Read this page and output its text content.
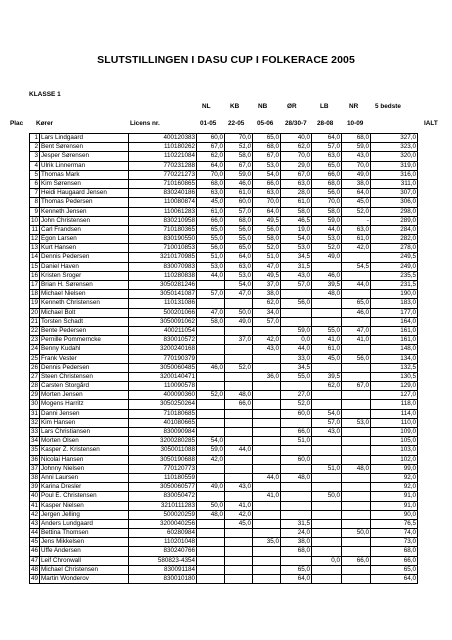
SLUTSTILLINGEN I DASU CUP I FOLKERACE 2005
KLASSE 1
NL	KB	NB	ØR	LB	NR	5 bedste
Plac Kører	Licens nr.	01-05 22-05 05-06 28/30-7 28-08 10-09	IALT
1	Lars Lindgaard	400120383	60,0	70,0	65,0	40,0	64,0	68,0	327,0
2	Bent Sørensen	110180262	67,0	51,0	68,0	62,0	57,0	59,0	323,0
3	Jesper Sørensen	110221084	62,0	58,0	67,0	70,0	63,0	43,0	320,0
4	Ulrik Linnerman	770231288	64,0	67,0	53,0	29,0	65,0	70,0	319,0
5	Thomas Mark	770221273	70,0	59,0	54,0	67,0	66,0	49,0	316,0
6	Kim Sørensen	710160865	68,0	46,0	66,0	63,0	68,0	38,0	311,0
7	Heidi Haugaard Jensen	830240186	63,0	61,0	63,0	28,0	56,0	64,0	307,0
8	Thomas Pedersen	110080874	45,0	60,0	70,0	61,0	70,0	45,0	306,0
9	Kenneth Jensen	110061283	61,0	57,0	64,0	58,0	58,0	52,0	298,0
10	John Christensen	830210958	66,0	68,0	49,5	46,5	59,0	-	289,0
11	Carl Frandsen	710180365	65,0	56,0	56,0	19,0	44,0	63,0	284,0
12	Egon Larsen	830190550	55,0	55,0	58,0	54,0	53,0	61,0	282,0
13	Kurt Hansen	710010853	56,0	65,0	52,0	53,0	52,0	42,0	278,0
14	Dennis Pedersen	3210170985	51,0	64,0	51,0	34,5	49,0		249,5
15	Daniel Haven	830070983	53,0	63,0	47,0	31,5		54,5	249,0
16	Kristen Sroger	110280838	44,0	53,0	49,5	43,0	46,0		235,5
17	Brian H. Sørensen	3050281246		54,0	37,0	57,0	39,5	44,0	231,5
18	Michael Nielsen	3050141087	57,0	47,0	38,0		48,0		190,0
19	Kenneth Christensen	110131086			62,0	56,0		65,0	183,0
20	Michael Bolt	500201066	47,0	50,0	34,0			46,0	177,0
21	Torsten Schadt	3050091062	58,0	49,0	57,0				164,0
22	Bente Pedersen	400211054				59,0	55,0	47,0	161,0
23	Pernille Pommerncke	830010572		37,0	42,0	0,0	41,0	41,0	161,0
24	Benny Kudahl	3200240168			43,0	44,0	61,0		148,0
25	Frank Vester	770190379				33,0	45,0	56,0	134,0
26	Dennis Pedersen	3050060485	46,0	52,0		34,5			132,5
27	Steen Christensen	3200140471			36,0	55,0	39,5		130,5
28	Carsten Storgård	110090578					62,0	67,0	129,0
29	Morten Jensen	400090360	52,0	48,0		27,0			127,0
30	Mogens Harritz	3050250264		66,0		52,0			118,0
31	Danni Jensen	710180685				60,0	54,0		114,0
32	Kim Hansen	401080665					57,0	53,0	110,0
33	Lars Christiansen	830090984				66,0	43,0		109,0
34	Morten Olsen	3200280285	54,0			51,0			105,0
35	Kasper Z. Kristensen	3050011088	59,0	44,0					103,0
36	Nicolai Hansen	3050190688	42,0			60,0			102,0
37	Johnny Nielsen	770120773					51,0	48,0	99,0
38	Anni Laursen	110180559			44,0	48,0			92,0
39	Karina Dresler	3050060577	49,0	43,0					92,0
40	Poul E. Christensen	830050472			41,0		50,0		91,0
41	Kasper Nielsen	3210111283	50,0	41,0					91,0
42	Jergen Jelling	500020259	48,0	42,0					90,0
43	Anders Lundgaard	3200040256		45,0		31,5			76,5
44	Bettina Thomsen	60280984				24,0		50,0	74,0
45	Jens Mikkelsen	110201048			35,0	38,0			73,0
46	Uffe Andersen	830240766				68,0			68,0
47	Leif Chronwall	580823-4354					0,0	66,0	66,0
48	Michael Christensen	830091184				65,0			65,0
49	Martin Wonderov	830010180				64,0			64,0
